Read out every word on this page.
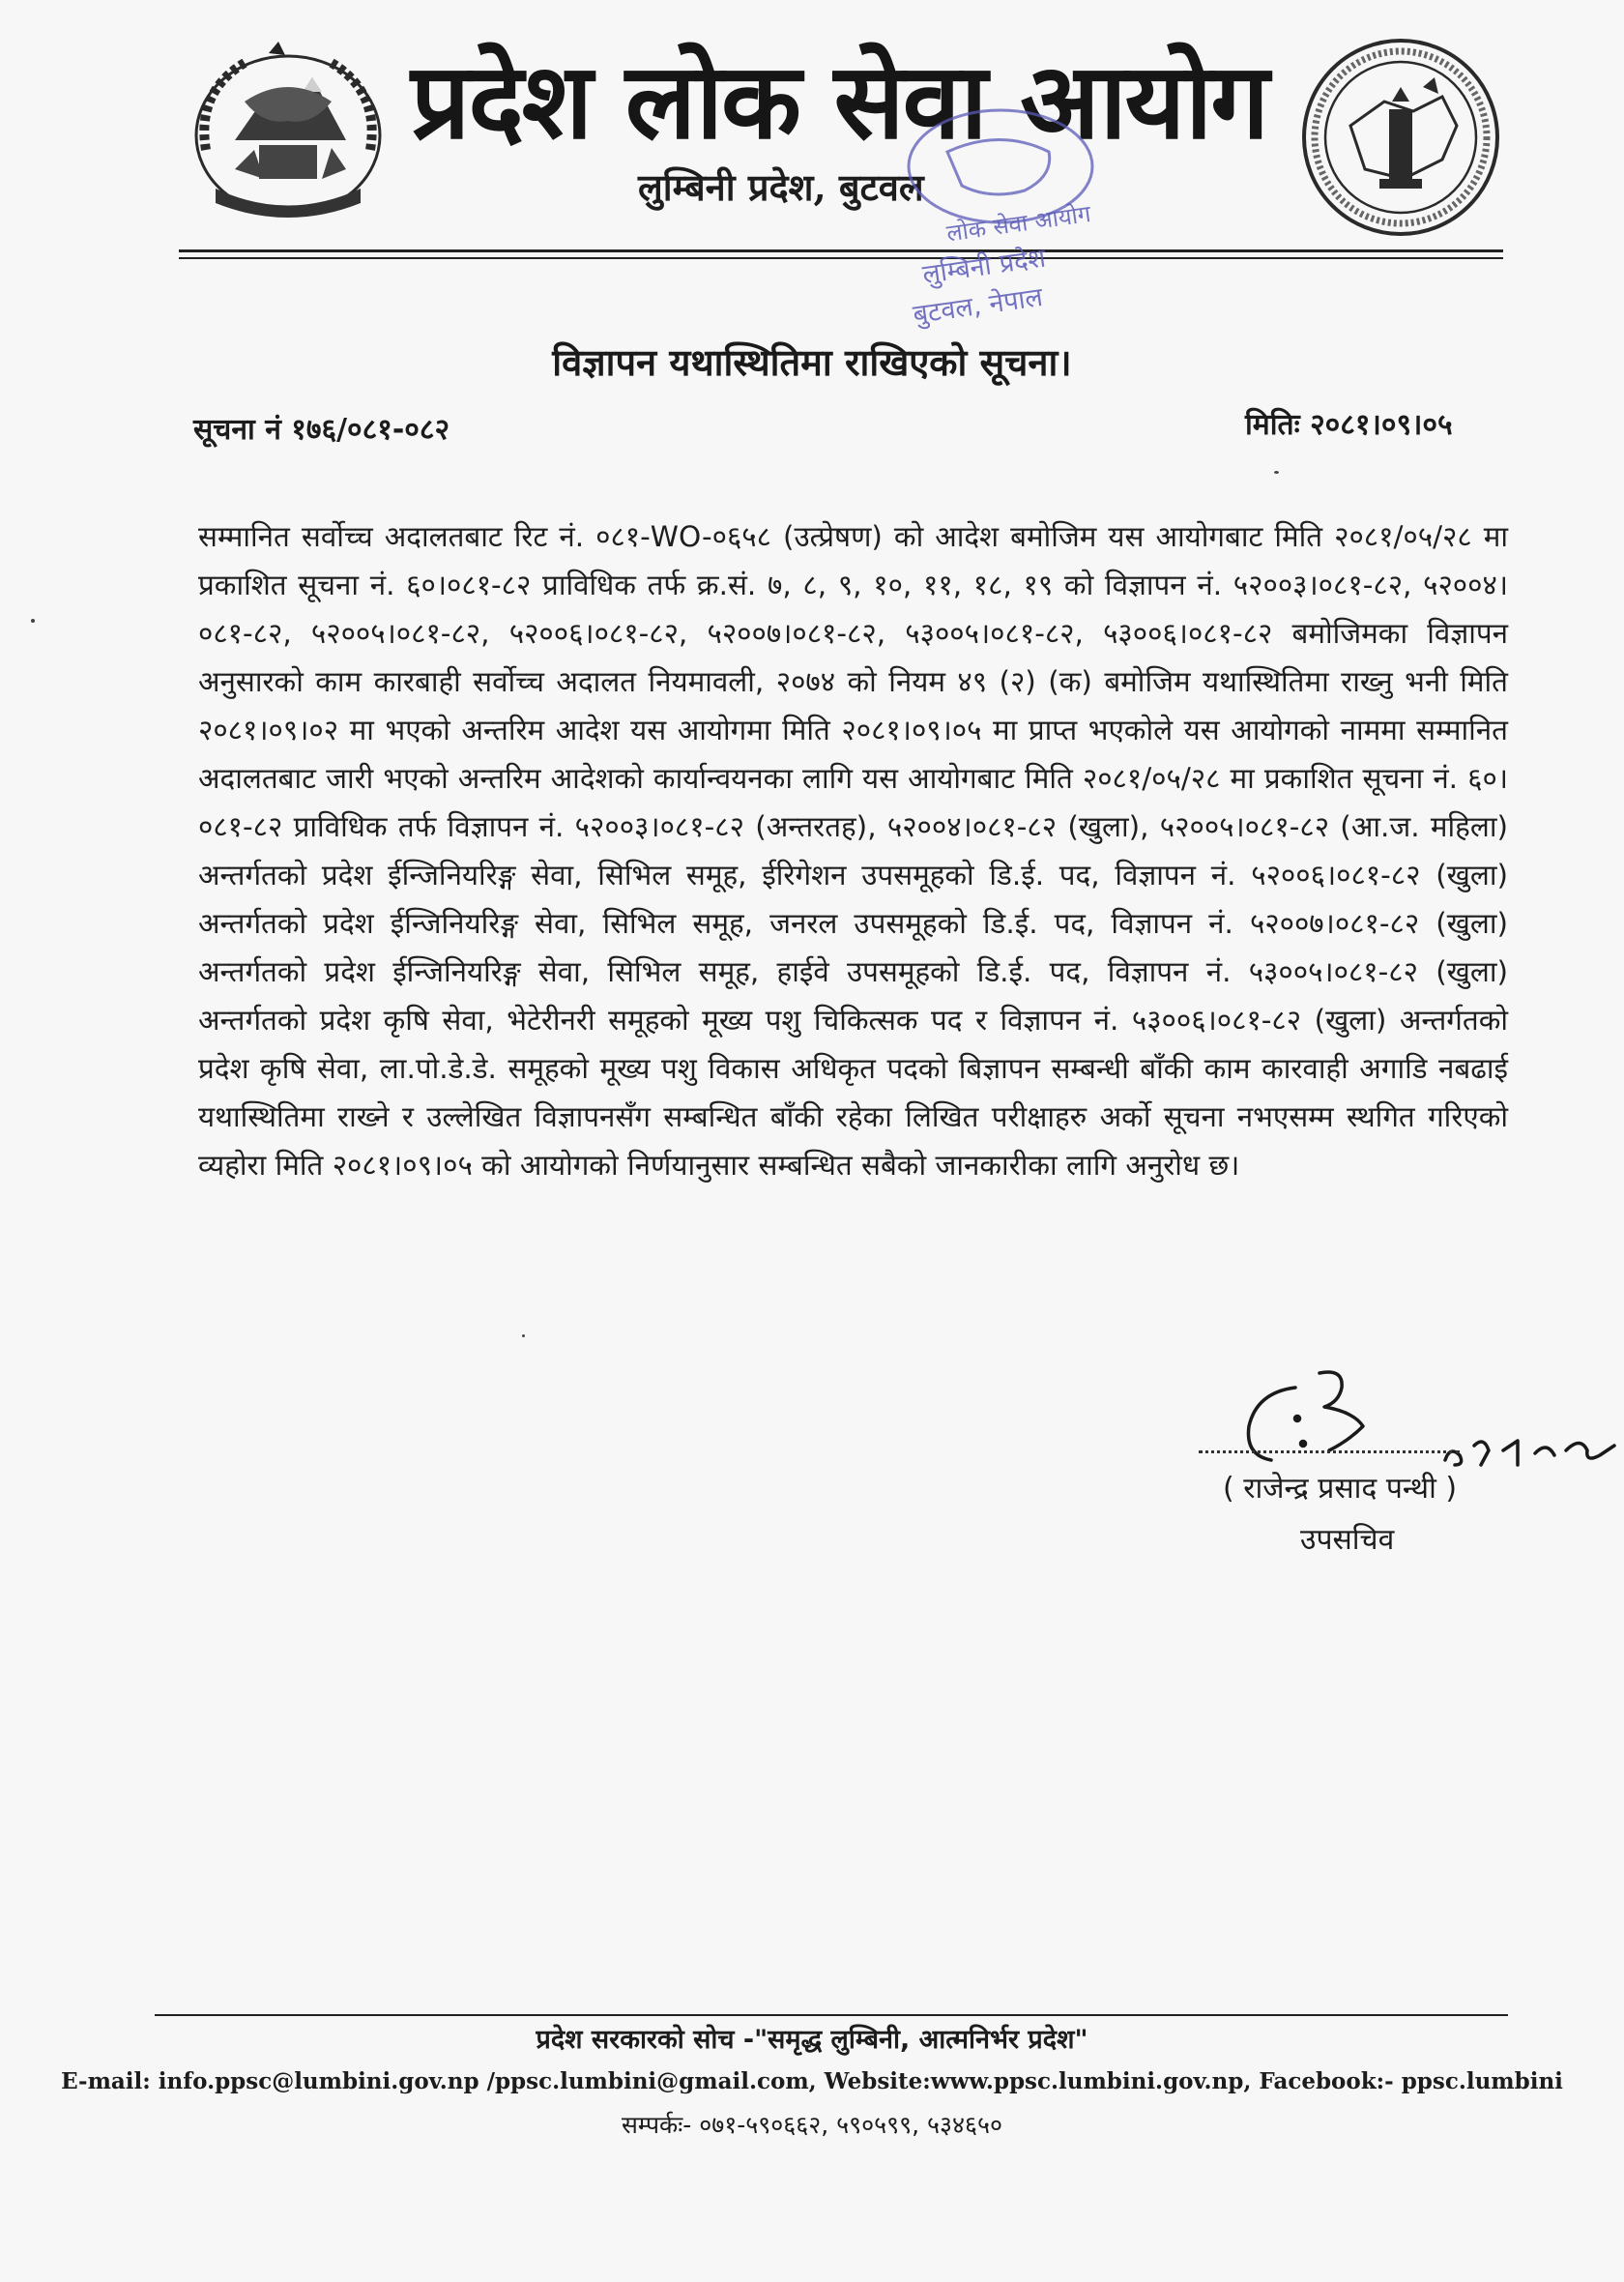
प्रदेश लोक सेवा आयोग
लुम्बिनी प्रदेश, बुटवल
लोक सेवा आयोग
लुम्बिनी प्रदेश
बुटवल, नेपाल
विज्ञापन यथास्थितिमा राखिएको सूचना।
सूचना नं १७६/०८१-०८२	मितिः २०८१।०९।०५
सम्मानित सर्वोच्च अदालतबाट रिट नं. ०८१-WO-०६५८ (उत्प्रेषण) को आदेश बमोजिम यस आयोगबाट मिति २०८१/०५/२८ मा प्रकाशित सूचना नं. ६०।०८१-८२ प्राविधिक तर्फ क्र.सं. ७, ८, ९, १०, ११, १८, १९ को विज्ञापन नं. ५२००३।०८१-८२, ५२००४।०८१-८२, ५२००५।०८१-८२, ५२००६।०८१-८२, ५२००७।०८१-८२, ५३००५।०८१-८२, ५३००६।०८१-८२ बमोजिमका विज्ञापन अनुसारको काम कारबाही सर्वोच्च अदालत नियमावली, २०७४ को नियम ४९ (२) (क) बमोजिम यथास्थितिमा राख्नु भनी मिति २०८१।०९।०२ मा भएको अन्तरिम आदेश यस आयोगमा मिति २०८१।०९।०५ मा प्राप्त भएकोले यस आयोगको नाममा सम्मानित अदालतबाट जारी भएको अन्तरिम आदेशको कार्यान्वयनका लागि यस आयोगबाट मिति २०८१/०५/२८ मा प्रकाशित सूचना नं. ६०।०८१-८२ प्राविधिक तर्फ विज्ञापन नं. ५२००३।०८१-८२ (अन्तरतह), ५२००४।०८१-८२ (खुला), ५२००५।०८१-८२ (आ.ज. महिला) अन्तर्गतको प्रदेश ईन्जिनियरिङ्ग सेवा, सिभिल समूह, ईरिगेशन उपसमूहको डि.ई. पद, विज्ञापन नं. ५२००६।०८१-८२ (खुला) अन्तर्गतको प्रदेश ईन्जिनियरिङ्ग सेवा, सिभिल समूह, जनरल उपसमूहको डि.ई. पद, विज्ञापन नं. ५२००७।०८१-८२ (खुला) अन्तर्गतको प्रदेश ईन्जिनियरिङ्ग सेवा, सिभिल समूह, हाईवे उपसमूहको डि.ई. पद, विज्ञापन नं. ५३००५।०८१-८२ (खुला) अन्तर्गतको प्रदेश कृषि सेवा, भेटेरीनरी समूहको मूख्य पशु चिकित्सक पद र विज्ञापन नं. ५३००६।०८१-८२ (खुला) अन्तर्गतको प्रदेश कृषि सेवा, ला.पो.डे.डे. समूहको मूख्य पशु विकास अधिकृत पदको बिज्ञापन सम्बन्धी बाँकी काम कारवाही अगाडि नबढाई यथास्थितिमा राख्ने र उल्लेखित विज्ञापनसँग सम्बन्धित बाँकी रहेका लिखित परीक्षाहरु अर्को सूचना नभएसम्म स्थगित गरिएको व्यहोरा मिति २०८१।०९।०५ को आयोगको निर्णयानुसार सम्बन्धित सबैको जानकारीका लागि अनुरोध छ।
( राजेन्द्र प्रसाद पन्थी )
उपसचिव
प्रदेश सरकारको सोच -"समृद्ध लुम्बिनी, आत्मनिर्भर प्रदेश"
E-mail: info.ppsc@lumbini.gov.np /ppsc.lumbini@gmail.com, Website:www.ppsc.lumbini.gov.np, Facebook:- ppsc.lumbini
सम्पर्कः- ०७१-५९०६६२, ५९०५९९, ५३४६५०
